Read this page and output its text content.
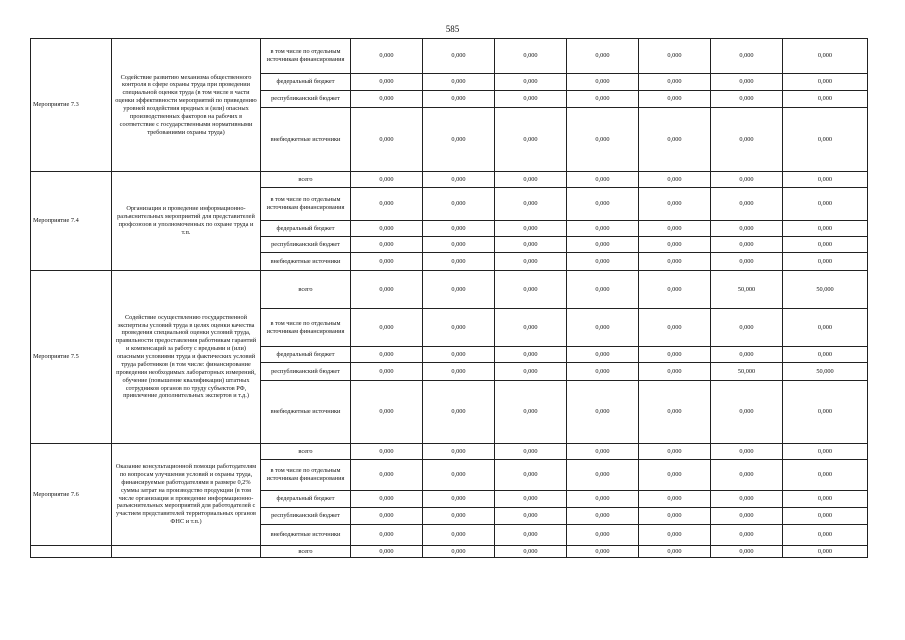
585
Мероприятие 7.3	Содействие развитию механизма общественного контроля в сфере охраны труда при проведении специальной оценки труда (в том числе в части оценки эффективности мероприятий по приведению уровней воздействия вредных и (или) опасных производственных факторов на рабочих в соответствие с государственными нормативными требованиями охраны труда)	в том числе по отдельным источникам финансирования	0,000	0,000	0,000	0,000	0,000	0,000	0,000
		федеральный бюджет	0,000	0,000	0,000	0,000	0,000	0,000	0,000
		республиканский бюджет	0,000	0,000	0,000	0,000	0,000	0,000	0,000
		внебюджетные источники	0,000	0,000	0,000	0,000	0,000	0,000	0,000
Мероприятие 7.4	Организация и проведение информационно-разъяснительных мероприятий для представителей профсоюзов и уполномоченных по охране труда и т.п.	всего	0,000	0,000	0,000	0,000	0,000	0,000	0,000
		в том числе по отдельным источникам финансирования	0,000	0,000	0,000	0,000	0,000	0,000	0,000
		федеральный бюджет	0,000	0,000	0,000	0,000	0,000	0,000	0,000
		республиканский бюджет	0,000	0,000	0,000	0,000	0,000	0,000	0,000
		внебюджетные источники	0,000	0,000	0,000	0,000	0,000	0,000	0,000
Мероприятие 7.5	Содействие осуществлению государственной экспертизы условий труда в целях оценки качества проведения специальной оценки условий труда, правильности предоставления работникам гарантий и компенсаций за работу с вредными и (или) опасными условиями труда и фактических условий труда работников (в том числе: финансирование проведения необходимых лабораторных измерений, обучение (повышение квалификации) штатных сотрудников органов по труду субъектов РФ, привлечение дополнительных экспертов и т.д.)	всего	0,000	0,000	0,000	0,000	0,000	50,000	50,000
		в том числе по отдельным источникам финансирования	0,000	0,000	0,000	0,000	0,000	0,000	0,000
		федеральный бюджет	0,000	0,000	0,000	0,000	0,000	0,000	0,000
		республиканский бюджет	0,000	0,000	0,000	0,000	0,000	50,000	50,000
		внебюджетные источники	0,000	0,000	0,000	0,000	0,000	0,000	0,000
Мероприятие 7.6	Оказание консультационной помощи работодателям по вопросам улучшения условий и охраны труда, финансируемые работодателями в размере 0,2% суммы затрат на производство продукции (в том числе организация и проведение информационно-разъяснительных мероприятий для работодателей с участием представителей территориальных органов ФНС и т.п.)	всего	0,000	0,000	0,000	0,000	0,000	0,000	0,000
		в том числе по отдельным источникам финансирования	0,000	0,000	0,000	0,000	0,000	0,000	0,000
		федеральный бюджет	0,000	0,000	0,000	0,000	0,000	0,000	0,000
		республиканский бюджет	0,000	0,000	0,000	0,000	0,000	0,000	0,000
		внебюджетные источники	0,000	0,000	0,000	0,000	0,000	0,000	0,000
		всего	0,000	0,000	0,000	0,000	0,000	0,000	0,000
